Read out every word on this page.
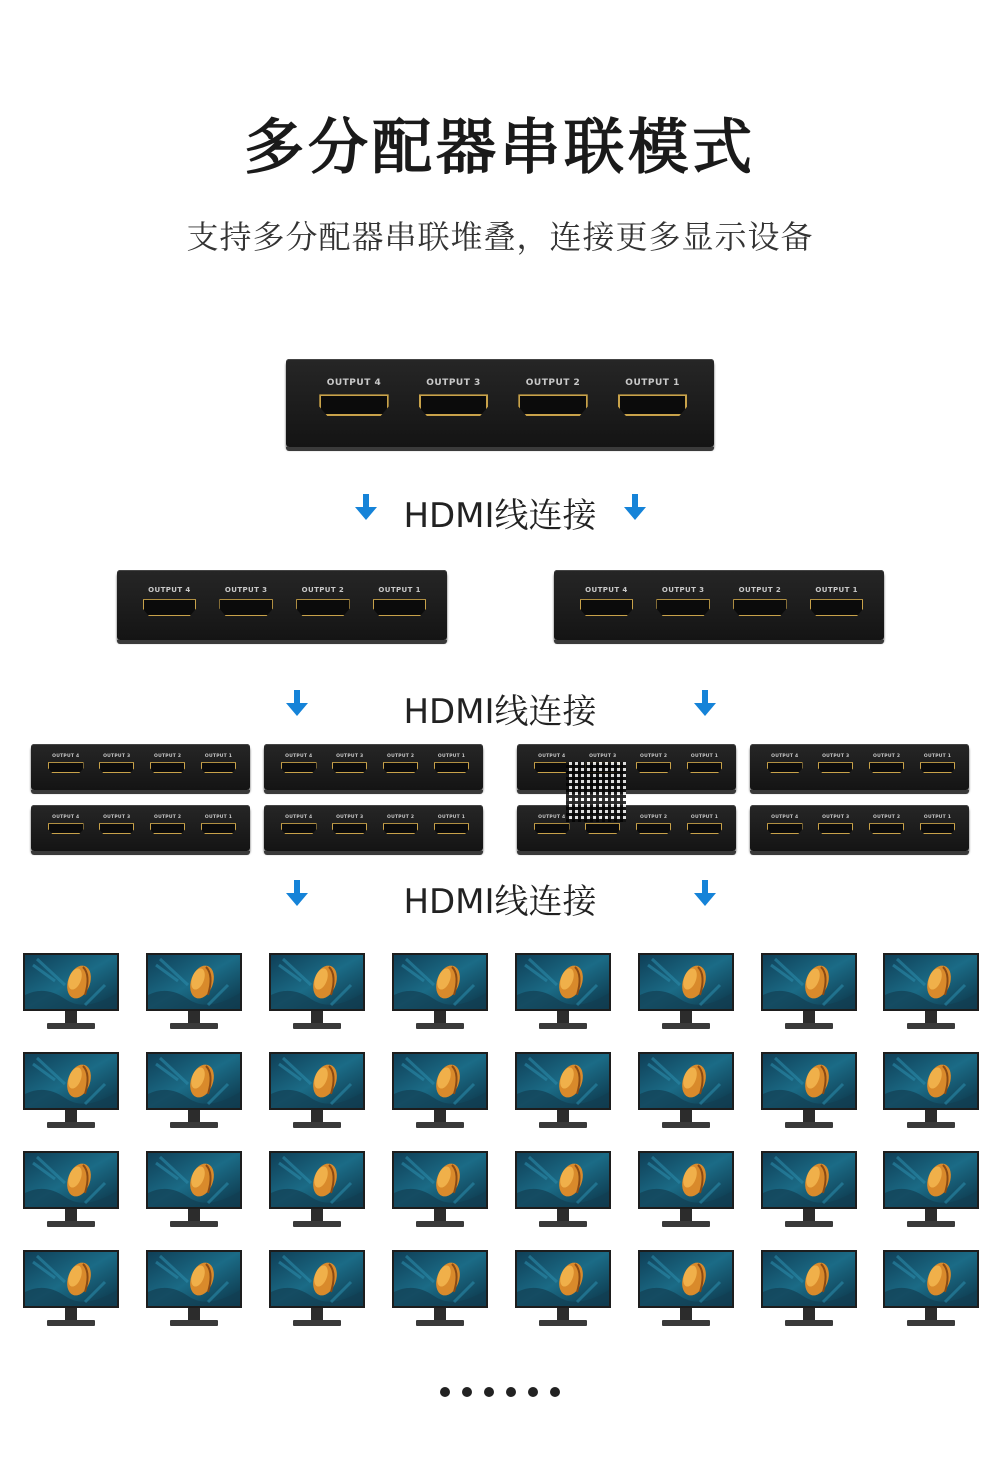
多分配器串联模式
支持多分配器串联堆叠，连接更多显示设备
OUTPUT 4	OUTPUT 3	OUTPUT 2	OUTPUT 1
HDMI线连接
OUTPUT 4	OUTPUT 3	OUTPUT 2	OUTPUT 1	OUTPUT 4	OUTPUT 3	OUTPUT 2	OUTPUT 1
HDMI线连接
OUTPUT 4	OUTPUT 3	OUTPUT 2	OUTPUT 1	OUTPUT 4	OUTPUT 3	OUTPUT 2	OUTPUT 1	OUTPUT 4	OUTPUT 3	OUTPUT 2	OUTPUT 1	OUTPUT 4	OUTPUT 3	OUTPUT 2	OUTPUT 1
OUTPUT 4	OUTPUT 3	OUTPUT 2	OUTPUT 1	OUTPUT 4	OUTPUT 3	OUTPUT 2	OUTPUT 1	OUTPUT 4	OUTPUT 2	OUTPUT 1	OUTPUT 4	OUTPUT 3	OUTPUT 2	OUTPUT 1
HDMI线连接
